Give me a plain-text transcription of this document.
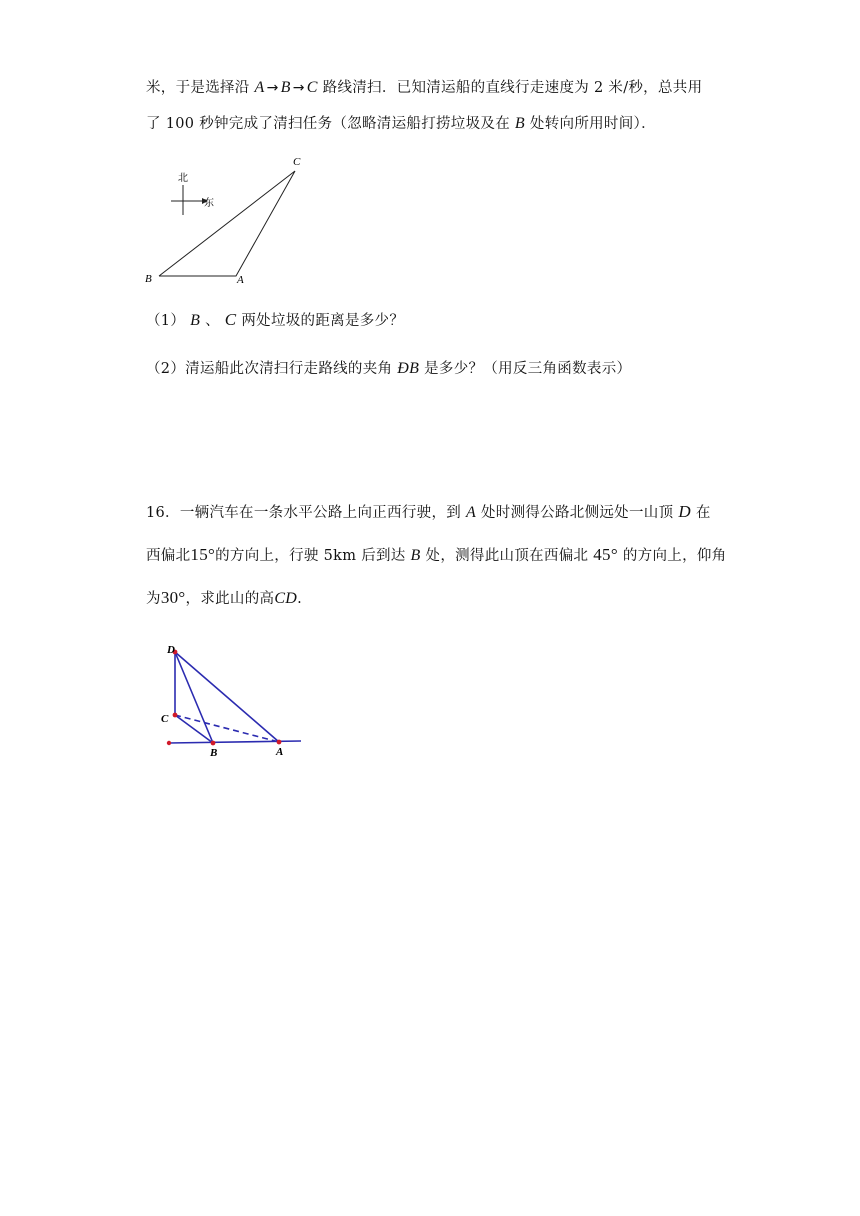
米，于是选择沿 A → B → C 路线清扫．已知清运船的直线行走速度为 2 米/秒，总共用
了 100 秒钟完成了清扫任务（忽略清运船打捞垃圾及在 B 处转向所用时间）．
北
东
C
B	A
（1） B 、 C 两处垃圾的距离是多少？
（2）清运船此次清扫行走路线的夹角 ÐB 是多少？（用反三角函数表示）
16．一辆汽车在一条水平公路上向正西行驶，到 A 处时测得公路北侧远处一山顶 D 在
西偏北15°的方向上，行驶 5km 后到达 B 处，测得此山顶在西偏北 45° 的方向上，仰角
为30°，求此山的高CD.
D
C
B	A
